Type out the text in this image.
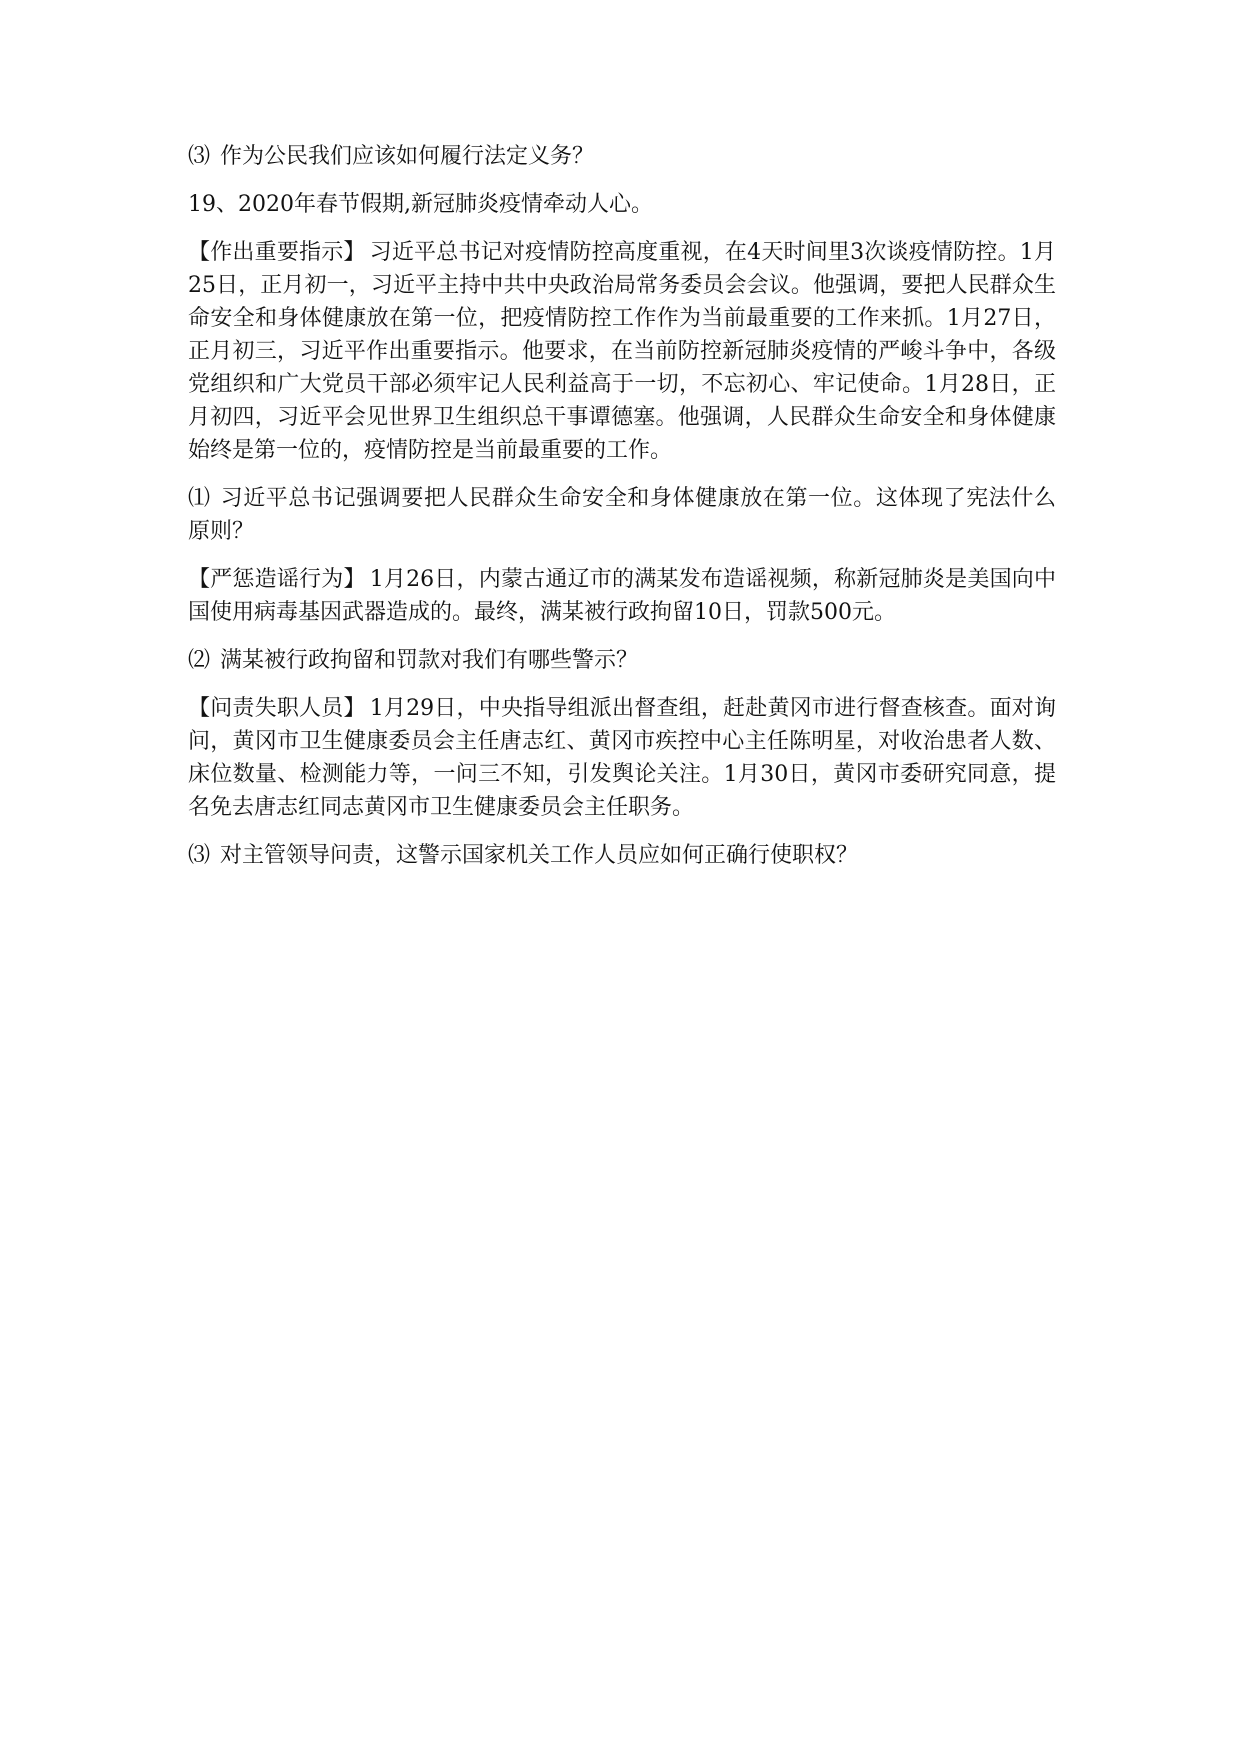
⑶ 作为公民我们应该如何履行法定义务？

19、2020年春节假期,新冠肺炎疫情牵动人心。

【作出重要指示】 习近平总书记对疫情防控高度重视，在4天时间里3次谈疫情防控。1月25日，正月初一，习近平主持中共中央政治局常务委员会会议。他强调，要把人民群众生命安全和身体健康放在第一位，把疫情防控工作作为当前最重要的工作来抓。1月27日，正月初三，习近平作出重要指示。他要求，在当前防控新冠肺炎疫情的严峻斗争中，各级党组织和广大党员干部必须牢记人民利益高于一切，不忘初心、牢记使命。1月28日，正月初四，习近平会见世界卫生组织总干事谭德塞。他强调，人民群众生命安全和身体健康始终是第一位的，疫情防控是当前最重要的工作。

⑴ 习近平总书记强调要把人民群众生命安全和身体健康放在第一位。这体现了宪法什么原则？

【严惩造谣行为】 1月26日，内蒙古通辽市的满某发布造谣视频，称新冠肺炎是美国向中国使用病毒基因武器造成的。最终，满某被行政拘留10日，罚款500元。

⑵ 满某被行政拘留和罚款对我们有哪些警示？

【问责失职人员】 1月29日，中央指导组派出督查组，赶赴黄冈市进行督查核查。面对询问，黄冈市卫生健康委员会主任唐志红、黄冈市疾控中心主任陈明星，对收治患者人数、床位数量、检测能力等，一问三不知，引发舆论关注。1月30日，黄冈市委研究同意，提名免去唐志红同志黄冈市卫生健康委员会主任职务。

⑶ 对主管领导问责，这警示国家机关工作人员应如何正确行使职权？
